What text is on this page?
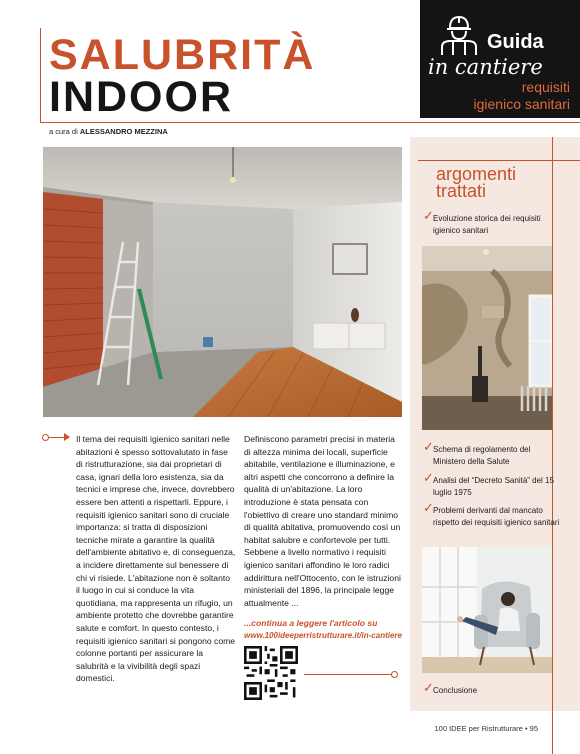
SALUBRITÀ
INDOOR
a cura di ALESSANDRO MEZZINA
Guida
in cantiere
requisiti
igienico sanitari
Il tema dei requisiti igienico sanitari nelle abitazioni è spesso sottovalutato in fase di ristrutturazione, sia dai proprietari di casa, ignari della loro esistenza, sia da tecnici e imprese che, invece, dovrebbero essere ben attenti a rispettarli. Eppure, i requisiti igienico sanitari sono di cruciale importanza: si tratta di disposizioni tecniche mirate a garantire la qualità dell'ambiente abitativo e, di conseguenza, a incidere direttamente sul benessere di chi vi risiede. L'abitazione non è soltanto il luogo in cui si conduce la vita quotidiana, ma rappresenta un rifugio, un ambiente protetto che dovrebbe garantire salute e comfort. In questo contesto, i requisiti igienico sanitari si pongono come colonne portanti per assicurare la salubrità e la vivibilità degli spazi domestici.
Definiscono parametri precisi in materia di altezza minima dei locali, superficie abitabile, ventilazione e illuminazione, e altri aspetti che concorrono a definire la qualità di un'abitazione. La loro introduzione è stata pensata con l'obiettivo di creare uno standard minimo di qualità abitativa, promuovendo così un habitat salubre e confortevole per tutti. Sebbene a livello normativo i requisiti igienico sanitari affondino le loro radici addirittura nell'Ottocento, con le istruzioni ministeriali del 1896, la principale legge attualmente ...
...continua a leggere l'articolo su
www.100ideeperristrutturare.it/in-cantiere
argomenti
trattati
✓ Evoluzione storica dei requisiti igienico sanitari
✓ Schema di regolamento del Ministero della Salute
✓ Analisi del “Decreto Sanità” del 15 luglio 1975
✓ Problemi derivanti dal mancato rispetto dei requisiti igienico sanitari
✓ Conclusione
100 IDEE per Ristrutturare • 95
